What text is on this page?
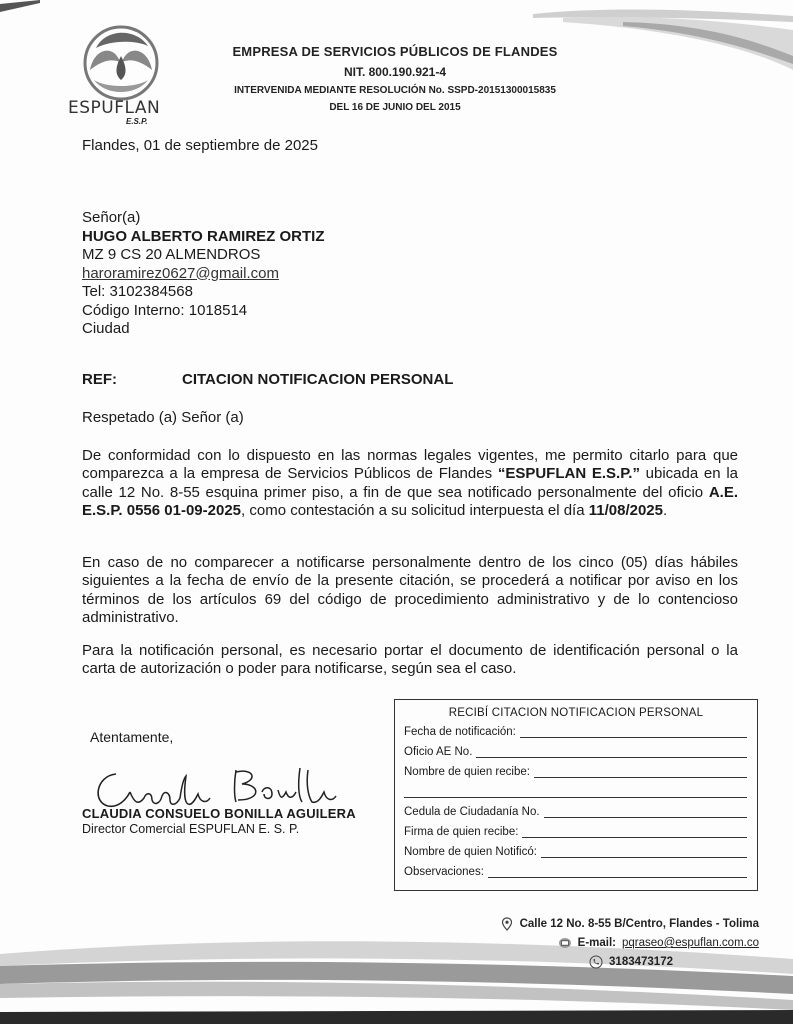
ESPUFLAN
E.S.P.
EMPRESA DE SERVICIOS PÚBLICOS DE FLANDES
NIT. 800.190.921-4
INTERVENIDA MEDIANTE RESOLUCIÓN No. SSPD-20151300015835
DEL 16 DE JUNIO DEL 2015
Flandes, 01 de septiembre de 2025
Señor(a)
HUGO ALBERTO RAMIREZ ORTIZ
MZ 9 CS 20 ALMENDROS
haroramirez0627@gmail.com
Tel: 3102384568
Código Interno: 1018514
Ciudad
REF:	CITACION NOTIFICACION PERSONAL
Respetado (a) Señor (a)
De conformidad con lo dispuesto en las normas legales vigentes, me permito citarlo para que comparezca a la empresa de Servicios Públicos de Flandes “ESPUFLAN E.S.P.” ubicada en la calle 12 No. 8-55 esquina primer piso, a fin de que sea notificado personalmente del oficio A.E. E.S.P. 0556 01-09-2025, como contestación a su solicitud interpuesta el día 11/08/2025.
En caso de no comparecer a notificarse personalmente dentro de los cinco (05) días hábiles siguientes a la fecha de envío de la presente citación, se procederá a notificar por aviso en los términos de los artículos 69 del código de procedimiento administrativo y de lo contencioso administrativo.
Para la notificación personal, es necesario portar el documento de identificación personal o la carta de autorización o poder para notificarse, según sea el caso.
Atentamente,
CLAUDIA CONSUELO BONILLA AGUILERA
Director Comercial ESPUFLAN E. S. P.
RECIBÍ CITACION NOTIFICACION PERSONAL
Fecha de notificación:
Oficio AE No.
Nombre de quien recibe:
Cedula de Ciudadanía No.
Firma de quien recibe:
Nombre de quien Notificó:
Observaciones:
Calle 12 No. 8-55 B/Centro, Flandes - Tolima
E-mail: pqraseo@espuflan.com.co
3183473172
